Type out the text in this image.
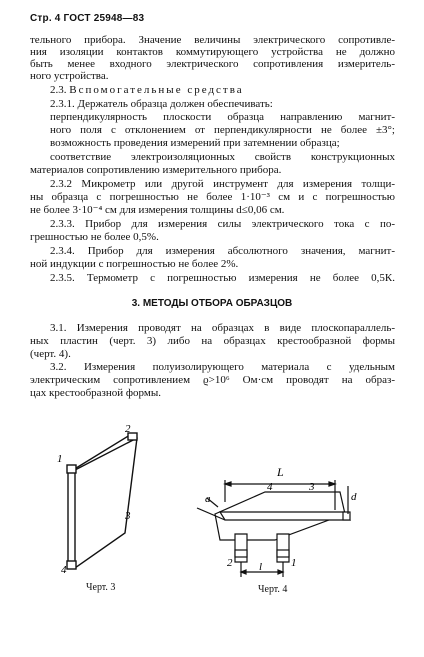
Стр. 4 ГОСТ 25948—83
тельного прибора. Значение величины электрического сопротивле-
ния изоляции контактов коммутирующего устройства не должно
быть менее входного электрического сопротивления измеритель-
ного устройства.
2.3. Вспомогательные средства
2.3.1. Держатель образца должен обеспечивать:
перпендикулярность плоскости образца направлению магнит-
ного поля с отклонением от перпендикулярности не более ±3°;
возможность проведения измерений при затемнении образца;
соответствие электроизоляционных свойств конструкционных
материалов сопротивлению измерительного прибора.
2.3.2 Микрометр или другой инструмент для измерения толщи-
ны образца с погрешностью не более 1·10⁻³ см и с погрешностью
не более 3·10⁻⁴ см для измерения толщины d≤0,06 см.
2.3.3. Прибор для измерения силы электрического тока с по-
грешностью не более 0,5%.
2.3.4. Прибор для измерения абсолютного значения, магнит-
ной индукции с погрешностью не более 2%.
2.3.5. Термометр с погрешностью измерения не более 0,5К.
3. МЕТОДЫ ОТБОРА ОБРАЗЦОВ
3.1. Измерения проводят на образцах в виде плоскопараллель-
ных пластин (черт. 3) либо на образцах крестообразной формы
(черт. 4).
3.2. Измерения полуизолирующего материала с удельным
электрическим сопротивлением ϱ>10⁶ Ом·см проводят на образ-
цах крестообразной формы.
1
2
3
4
Черт. 3
L
a	d
4	3
l
2	1
Черт. 4
